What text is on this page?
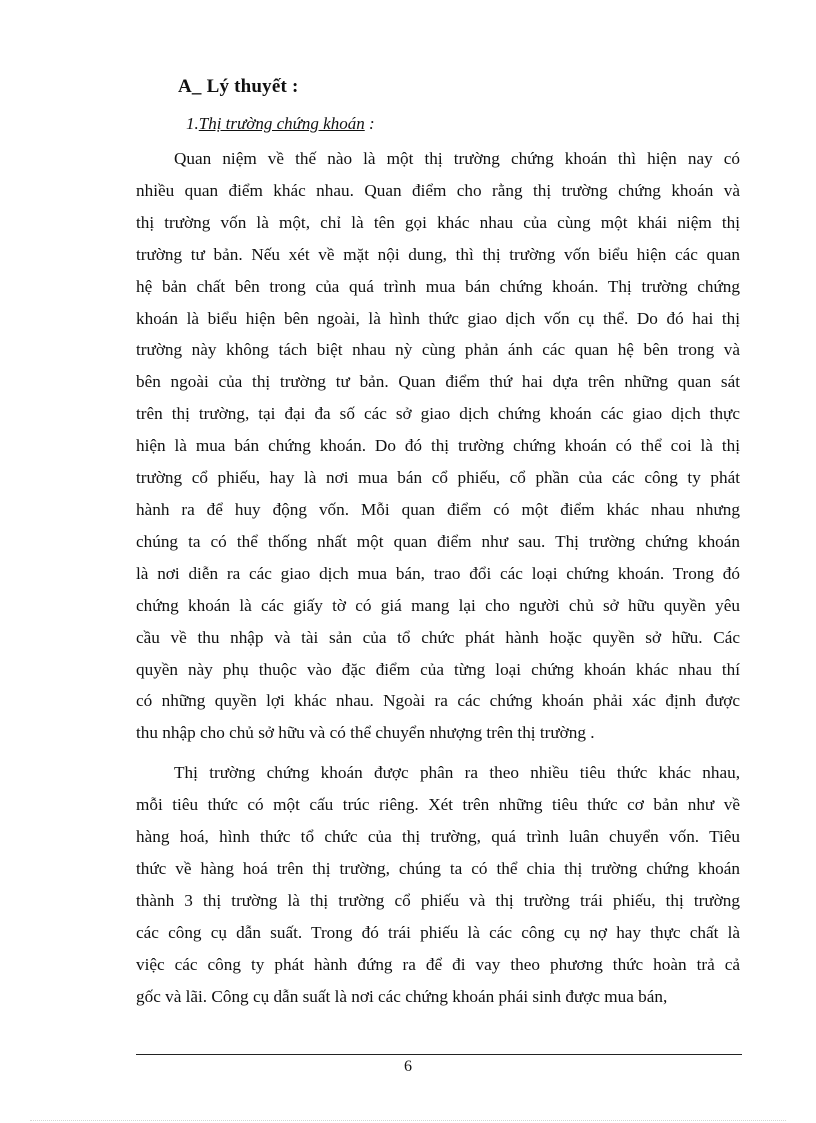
A_ Lý thuyết :
1.Thị trường chứng khoán :

Quan niệm về thế nào là một thị trường chứng khoán thì hiện nay có
nhiều quan điểm khác nhau. Quan điểm cho rằng thị trường chứng khoán và
thị trường vốn là một, chỉ là tên gọi khác nhau của cùng một khái niệm thị
trường tư bản. Nếu xét về mặt nội dung, thì thị trường vốn biểu hiện các quan
hệ bản chất bên trong của quá trình mua bán chứng khoán. Thị trường chứng
khoán là biểu hiện bên ngoài, là hình thức giao dịch vốn cụ thể. Do đó hai thị
trường này không tách biệt nhau nỳ cùng phản ánh các quan hệ bên trong và
bên ngoài của thị trường tư bản. Quan điểm thứ hai dựa trên những quan sát
trên thị trường, tại đại đa số các sở giao dịch chứng khoán các giao dịch thực
hiện là mua bán chứng khoán. Do đó thị trường chứng khoán có thể coi là thị
trường cổ phiếu, hay là nơi mua bán cổ phiếu, cổ phần của các công ty phát
hành ra để huy động vốn. Mỗi quan điểm có một điểm khác nhau nhưng
chúng ta có thể thống nhất một quan điểm như sau. Thị trường chứng khoán
là nơi diễn ra các giao dịch mua bán, trao đổi các loại chứng khoán. Trong đó
chứng khoán là các giấy tờ có giá mang lại cho người chủ sở hữu quyền yêu
cầu về thu nhập và tài sản của tổ chức phát hành hoặc quyền sở hữu. Các
quyền này phụ thuộc vào đặc điểm của từng loại chứng khoán khác nhau thí
có những quyền lợi khác nhau. Ngoài ra các chứng khoán phải xác định được
thu nhập cho chủ sở hữu và có thể chuyển nhượng trên thị trường .

Thị trường chứng khoán được phân ra theo nhiều tiêu thức khác nhau,
mỗi tiêu thức có một cấu trúc riêng. Xét trên những tiêu thức cơ bản như về
hàng hoá, hình thức tổ chức của thị trường, quá trình luân chuyển vốn. Tiêu
thức về hàng hoá trên thị trường, chúng ta có thể chia thị trường chứng khoán
thành 3 thị trường là thị trường cổ phiếu và thị trường trái phiếu, thị trường
các công cụ dẫn suất. Trong đó trái phiếu là các công cụ nợ hay thực chất là
việc các công ty phát hành đứng ra để đi vay theo phương thức hoàn trả cả
gốc và lãi. Công cụ dẫn suất là nơi các chứng khoán phái sinh được mua bán,

6
